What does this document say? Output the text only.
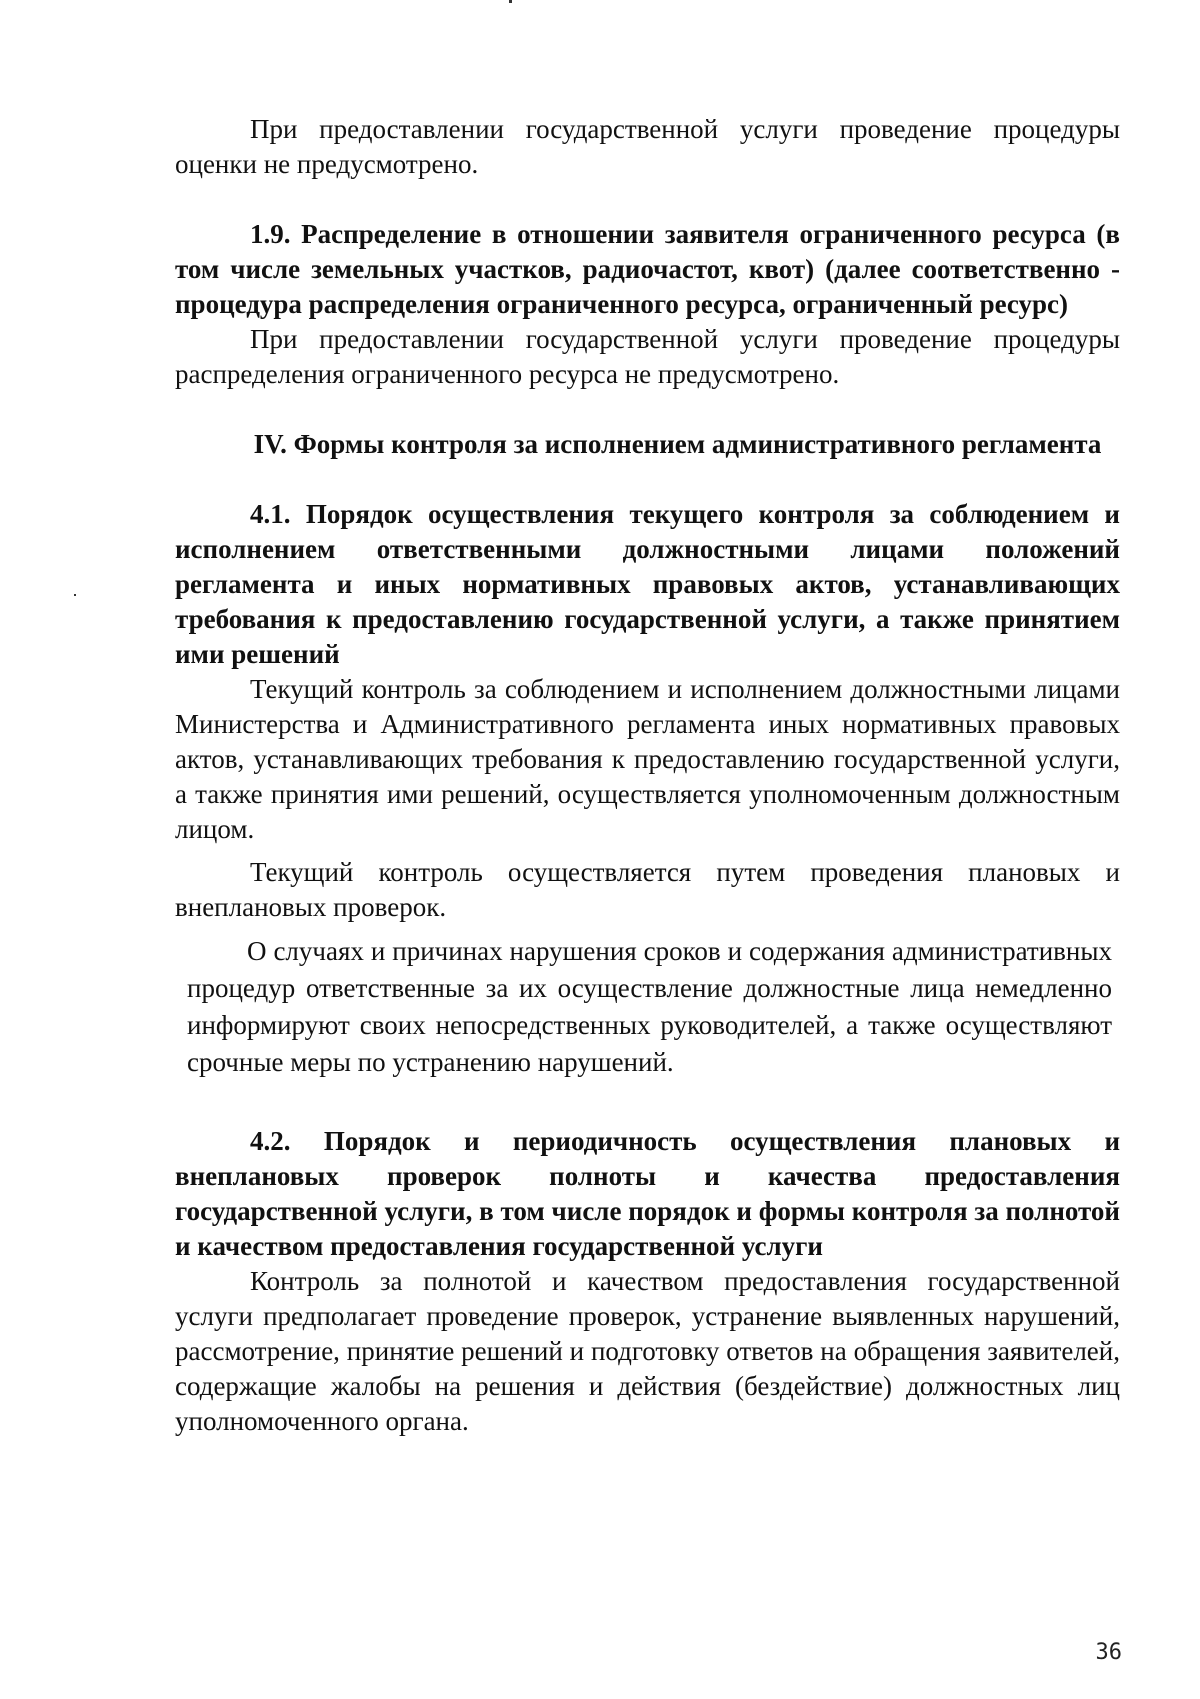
При предоставлении государственной услуги проведение процедуры оценки не предусмотрено.

1.9. Распределение в отношении заявителя ограниченного ресурса (в том числе земельных участков, радиочастот, квот) (далее соответственно - процедура распределения ограниченного ресурса, ограниченный ресурс)

При предоставлении государственной услуги проведение процедуры распределения ограниченного ресурса не предусмотрено.

IV. Формы контроля за исполнением административного регламента

4.1. Порядок осуществления текущего контроля за соблюдением и исполнением ответственными должностными лицами положений регламента и иных нормативных правовых актов, устанавливающих требования к предоставлению государственной услуги, а также принятием ими решений

Текущий контроль за соблюдением и исполнением должностными лицами Министерства и Административного регламента иных нормативных правовых актов, устанавливающих требования к предоставлению государственной услуги, а также принятия ими решений, осуществляется уполномоченным должностным лицом.

Текущий контроль осуществляется путем проведения плановых и внеплановых проверок.

О случаях и причинах нарушения сроков и содержания административных процедур ответственные за их осуществление должностные лица немедленно информируют своих непосредственных руководителей, а также осуществляют срочные меры по устранению нарушений.

4.2. Порядок и периодичность осуществления плановых и внеплановых проверок полноты и качества предоставления государственной услуги, в том числе порядок и формы контроля за полнотой и качеством предоставления государственной услуги

Контроль за полнотой и качеством предоставления государственной услуги предполагает проведение проверок, устранение выявленных нарушений, рассмотрение, принятие решений и подготовку ответов на обращения заявителей, содержащие жалобы на решения и действия (бездействие) должностных лиц уполномоченного органа.

36
